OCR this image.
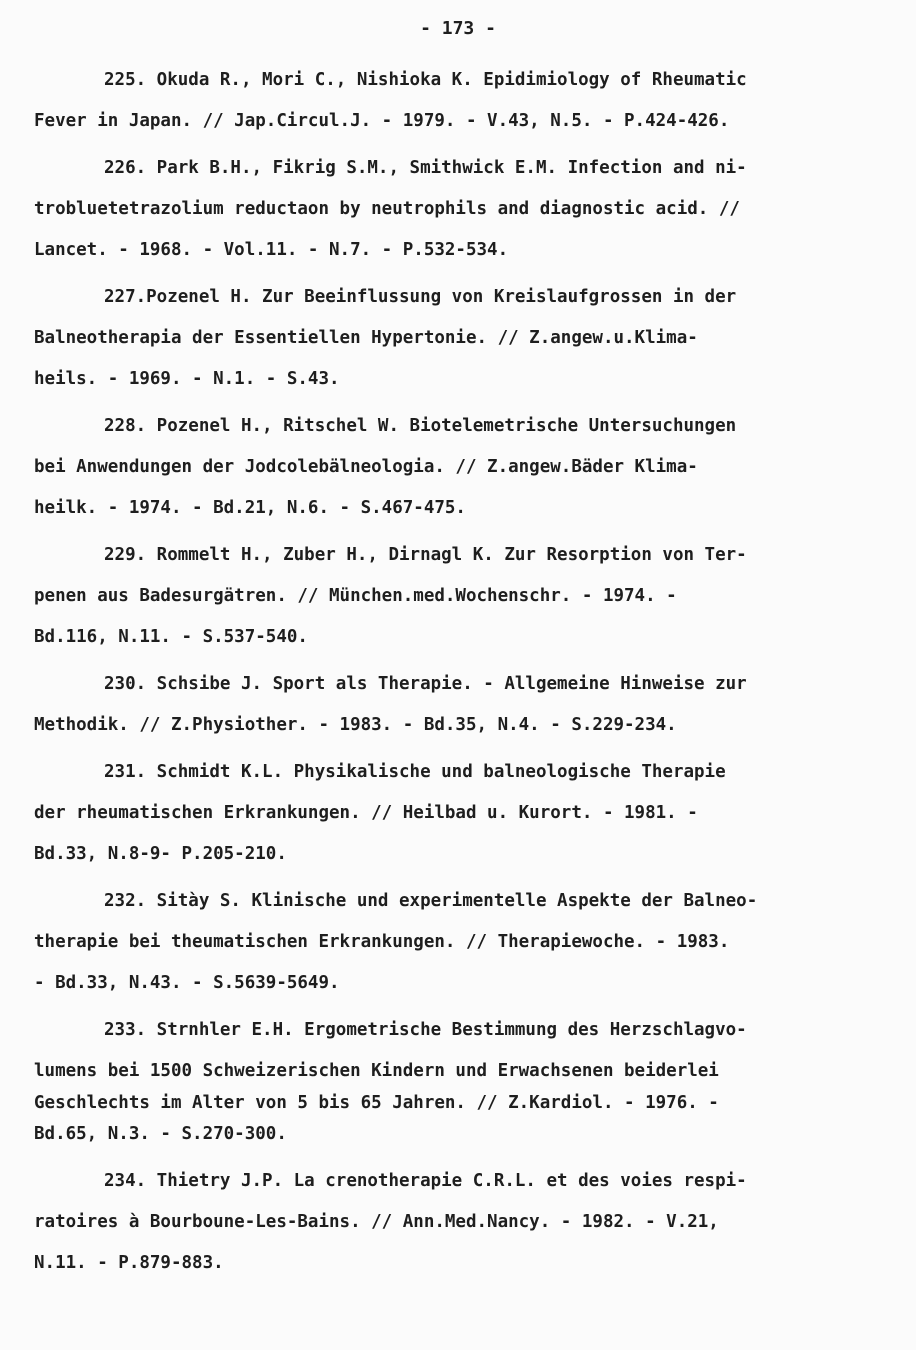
- 173 -
225. Okuda R., Mori C., Nishioka K. Epidimiology of Rheumatic
Fever in Japan. // Jap.Circul.J. - 1979. - V.43, N.5. - P.424-426.
226. Park B.H., Fikrig S.M., Smithwick E.M. Infection and ni-
trobluetetrazolium reductaon by neutrophils and diagnostic acid. //
Lancet. - 1968. - Vol.11. - N.7. - P.532-534.
227.Pozenel H. Zur Beeinflussung von Kreislaufgrossen in der
Balneotherapia der Essentiellen Hypertonie. // Z.angew.u.Klima-
heils. - 1969. - N.1. - S.43.
228. Pozenel H., Ritschel W. Biotelemetrische Untersuchungen
bei Anwendungen der Jodcolebälneologia. // Z.angew.Bäder Klima-
heilk. - 1974. - Bd.21, N.6. - S.467-475.
229. Rommelt H., Zuber H., Dirnagl K. Zur Resorption von Ter-
penen aus Badesurgätren. // München.med.Wochenschr. - 1974. -
Bd.116, N.11. - S.537-540.
230. Schsibe J. Sport als Therapie. - Allgemeine Hinweise zur
Methodik. // Z.Physiother. - 1983. - Bd.35, N.4. - S.229-234.
231. Schmidt K.L. Physikalische und balneologische Therapie
der rheumatischen Erkrankungen. // Heilbad u. Kurort. - 1981. -
Bd.33, N.8-9- P.205-210.
232. Sitày S. Klinische und experimentelle Aspekte der Balneo-
therapie bei theumatischen Erkrankungen. // Therapiewoche. - 1983.
- Bd.33, N.43. - S.5639-5649.
233. Strnhler E.H. Ergometrische Bestimmung des Herzschlagvo-
lumens bei 1500 Schweizerischen Kindern und Erwachsenen beiderlei
Geschlechts im Alter von 5 bis 65 Jahren. // Z.Kardiol. - 1976. -
Bd.65, N.3. - S.270-300.
234. Thietry J.P. La crenotherapie C.R.L. et des voies respi-
ratoires à Bourboune-Les-Bains. // Ann.Med.Nancy. - 1982. - V.21,
N.11. - P.879-883.
